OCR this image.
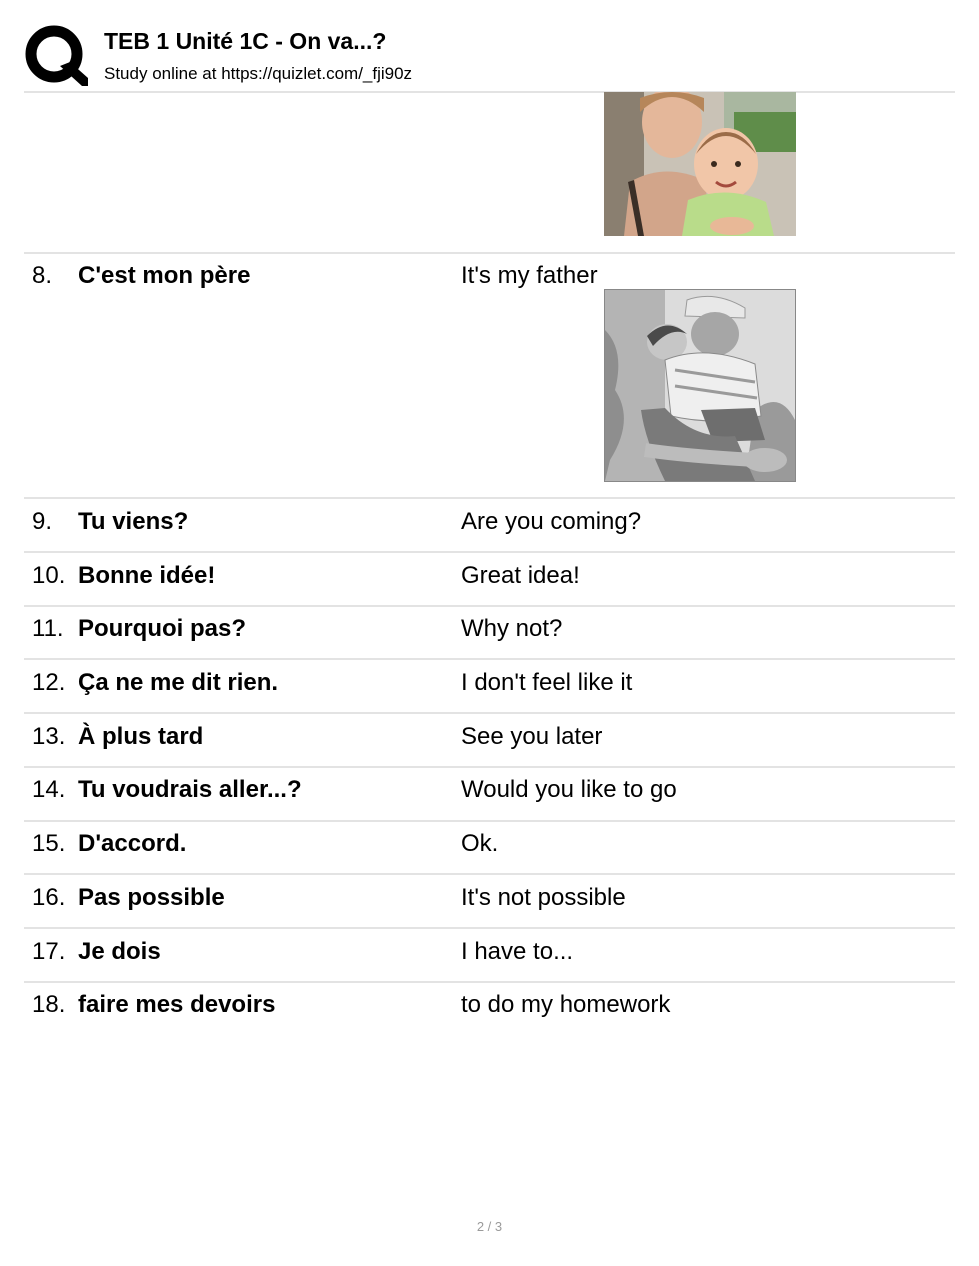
TEB 1 Unité 1C - On va...?
Study online at https://quizlet.com/_fji90z
8. C'est mon père	It's my father
9. Tu viens?	Are you coming?
10. Bonne idée!	Great idea!
11. Pourquoi pas?	Why not?
12. Ça ne me dit rien.	I don't feel like it
13. À plus tard	See you later
14. Tu voudrais aller...?	Would you like to go
15. D'accord.	Ok.
16. Pas possible	It's not possible
17. Je dois	I have to...
18. faire mes devoirs	to do my homework
2 / 3
